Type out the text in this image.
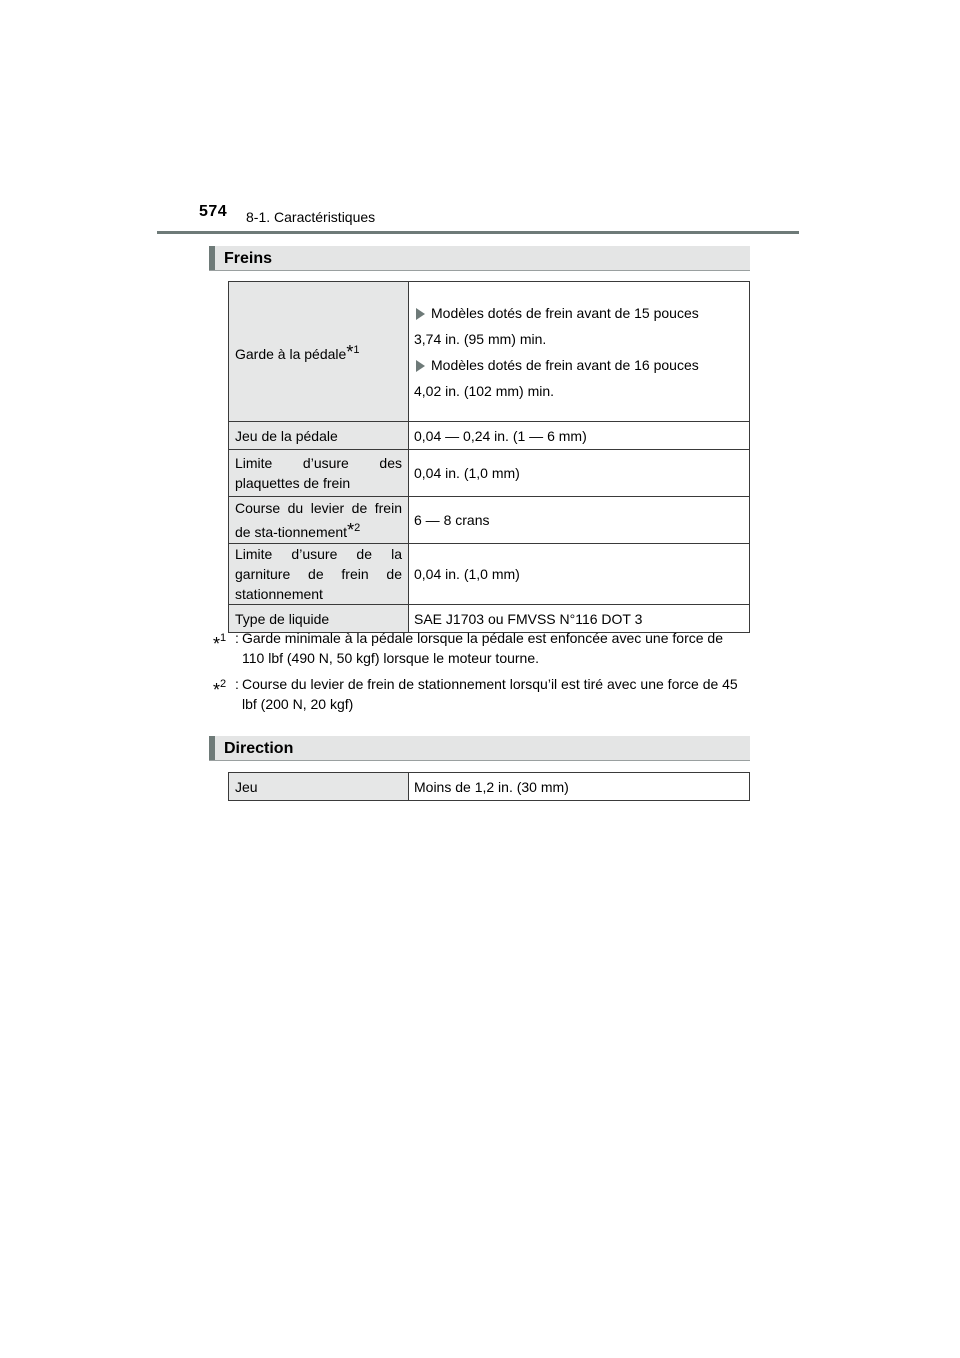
574 8-1. Caractéristiques
Freins
Garde à la pédale$^{*1}$	Modèles dotés de frein avant de 15 pouces
3,74 in. (95 mm) min.
Modèles dotés de frein avant de 16 pouces
4,02 in. (102 mm) min.

Jeu de la pédale	0,04 — 0,24 in. (1 — 6 mm)
Limite d’usure des plaquettes de frein	0,04 in. (1,0 mm)
Course du levier de frein de sta-tionnement$^{*2}$	6 — 8 crans
Limite d’usure de la garniture de frein de stationnement	0,04 in. (1,0 mm)
Type de liquide	SAE J1703 ou FMVSS N°116 DOT 3
*$^1$ : Garde minimale à la pédale lorsque la pédale est enfoncée avec une force de 110 lbf (490 N, 50 kgf) lorsque le moteur tourne.
*$^2$ : Course du levier de frein de stationnement lorsqu’il est tiré avec une force de 45 lbf (200 N, 20 kgf)
Direction
Jeu	Moins de 1,2 in. (30 mm)
